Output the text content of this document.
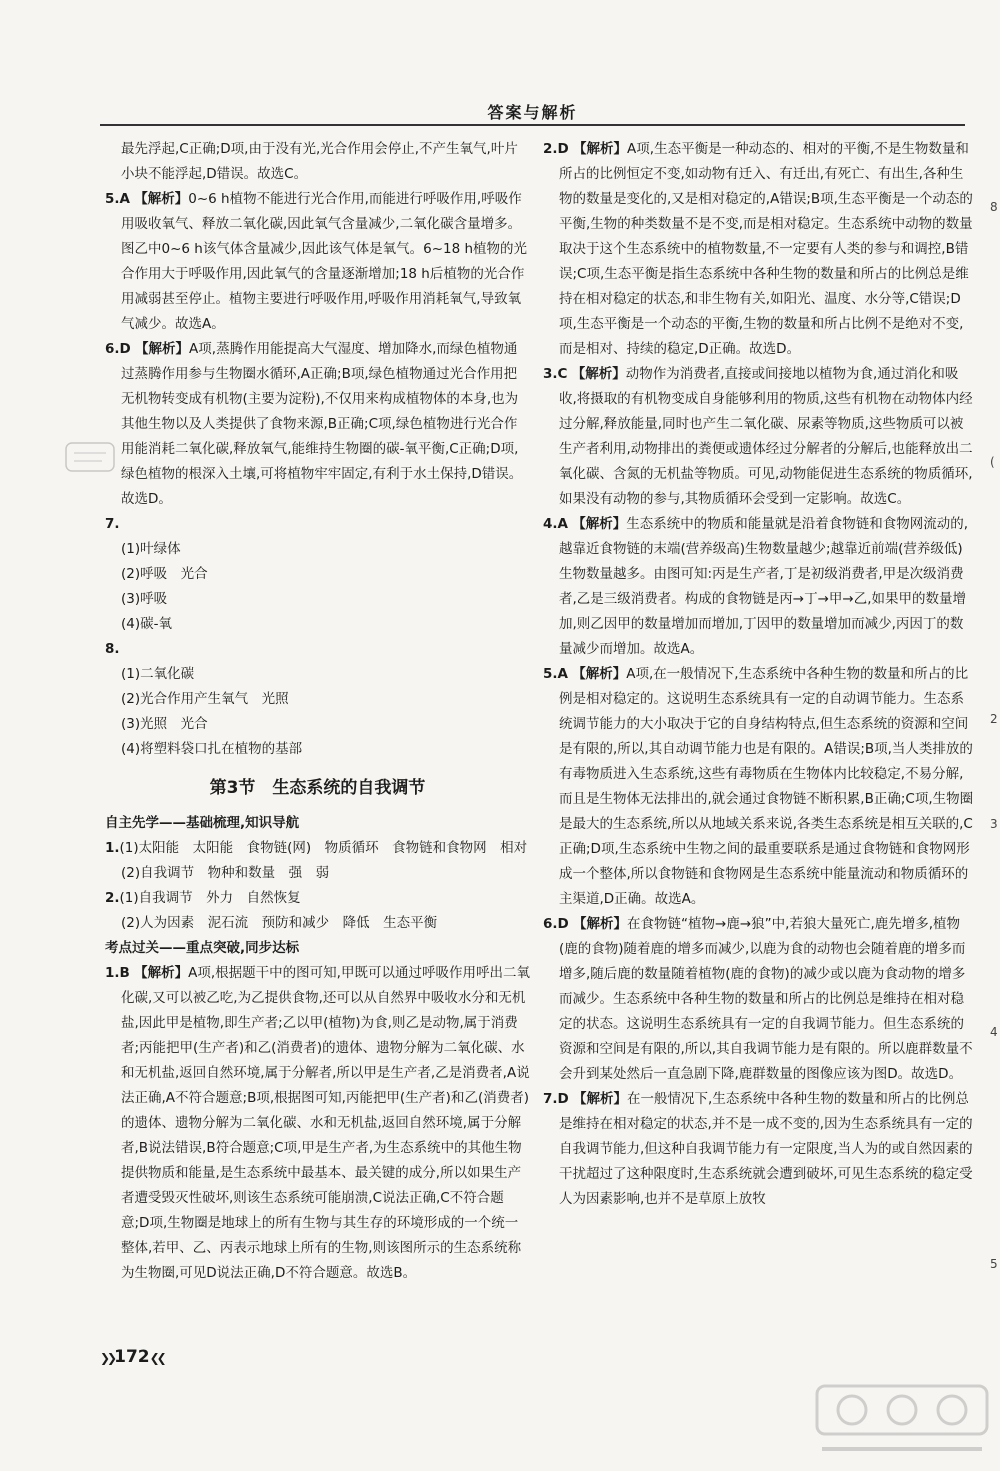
答案与解析

最先浮起,C正确;D项,由于没有光,光合作用会停止,不产生氧气,叶片小块不能浮起,D错误。故选C。

5.A 【解析】0~6 h植物不能进行光合作用,而能进行呼吸作用,呼吸作用吸收氧气、释放二氧化碳,因此氧气含量减少,二氧化碳含量增多。图乙中0~6 h该气体含量减少,因此该气体是氧气。6~18 h植物的光合作用大于呼吸作用,因此氧气的含量逐渐增加;18 h后植物的光合作用减弱甚至停止。植物主要进行呼吸作用,呼吸作用消耗氧气,导致氧气减少。故选A。

6.D 【解析】A项,蒸腾作用能提高大气湿度、增加降水,而绿色植物通过蒸腾作用参与生物圈水循环,A正确;B项,绿色植物通过光合作用把无机物转变成有机物(主要为淀粉),不仅用来构成植物体的本身,也为其他生物以及人类提供了食物来源,B正确;C项,绿色植物进行光合作用能消耗二氧化碳,释放氧气,能维持生物圈的碳-氧平衡,C正确;D项,绿色植物的根深入土壤,可将植物牢牢固定,有利于水土保持,D错误。故选D。

7.

(1)叶绿体

(2)呼吸　光合

(3)呼吸

(4)碳-氧

8.

(1)二氧化碳

(2)光合作用产生氧气　光照

(3)光照　光合

(4)将塑料袋口扎在植物的基部

第3节　生态系统的自我调节

自主先学——基础梳理,知识导航

1.(1)太阳能　太阳能　食物链(网)　物质循环　食物链和食物网　相对

(2)自我调节　物种和数量　强　弱

2.(1)自我调节　外力　自然恢复

(2)人为因素　泥石流　预防和减少　降低　生态平衡

考点过关——重点突破,同步达标

1.B 【解析】A项,根据题干中的图可知,甲既可以通过呼吸作用呼出二氧化碳,又可以被乙吃,为乙提供食物,还可以从自然界中吸收水分和无机盐,因此甲是植物,即生产者;乙以甲(植物)为食,则乙是动物,属于消费者;丙能把甲(生产者)和乙(消费者)的遗体、遗物分解为二氧化碳、水和无机盐,返回自然环境,属于分解者,所以甲是生产者,乙是消费者,A说法正确,A不符合题意;B项,根据图可知,丙能把甲(生产者)和乙(消费者)的遗体、遗物分解为二氧化碳、水和无机盐,返回自然环境,属于分解者,B说法错误,B符合题意;C项,甲是生产者,为生态系统中的其他生物提供物质和能量,是生态系统中最基本、最关键的成分,所以如果生产者遭受毁灭性破坏,则该生态系统可能崩溃,C说法正确,C不符合题意;D项,生物圈是地球上的所有生物与其生存的环境形成的一个统一整体,若甲、乙、丙表示地球上所有的生物,则该图所示的生态系统称为生物圈,可见D说法正确,D不符合题意。故选B。

2.D 【解析】A项,生态平衡是一种动态的、相对的平衡,不是生物数量和所占的比例恒定不变,如动物有迁入、有迁出,有死亡、有出生,各种生物的数量是变化的,又是相对稳定的,A错误;B项,生态平衡是一个动态的平衡,生物的种类数量不是不变,而是相对稳定。生态系统中动物的数量取决于这个生态系统中的植物数量,不一定要有人类的参与和调控,B错误;C项,生态平衡是指生态系统中各种生物的数量和所占的比例总是维持在相对稳定的状态,和非生物有关,如阳光、温度、水分等,C错误;D项,生态平衡是一个动态的平衡,生物的数量和所占比例不是绝对不变,而是相对、持续的稳定,D正确。故选D。

3.C 【解析】动物作为消费者,直接或间接地以植物为食,通过消化和吸收,将摄取的有机物变成自身能够利用的物质,这些有机物在动物体内经过分解,释放能量,同时也产生二氧化碳、尿素等物质,这些物质可以被生产者利用,动物排出的粪便或遗体经过分解者的分解后,也能释放出二氧化碳、含氮的无机盐等物质。可见,动物能促进生态系统的物质循环,如果没有动物的参与,其物质循环会受到一定影响。故选C。

4.A 【解析】生态系统中的物质和能量就是沿着食物链和食物网流动的,越靠近食物链的末端(营养级高)生物数量越少;越靠近前端(营养级低)生物数量越多。由图可知:丙是生产者,丁是初级消费者,甲是次级消费者,乙是三级消费者。构成的食物链是丙→丁→甲→乙,如果甲的数量增加,则乙因甲的数量增加而增加,丁因甲的数量增加而减少,丙因丁的数量减少而增加。故选A。

5.A 【解析】A项,在一般情况下,生态系统中各种生物的数量和所占的比例是相对稳定的。这说明生态系统具有一定的自动调节能力。生态系统调节能力的大小取决于它的自身结构特点,但生态系统的资源和空间是有限的,所以,其自动调节能力也是有限的。A错误;B项,当人类排放的有毒物质进入生态系统,这些有毒物质在生物体内比较稳定,不易分解,而且是生物体无法排出的,就会通过食物链不断积累,B正确;C项,生物圈是最大的生态系统,所以从地域关系来说,各类生态系统是相互关联的,C正确;D项,生态系统中生物之间的最重要联系是通过食物链和食物网形成一个整体,所以食物链和食物网是生态系统中能量流动和物质循环的主渠道,D正确。故选A。

6.D 【解析】在食物链“植物→鹿→狼”中,若狼大量死亡,鹿先增多,植物(鹿的食物)随着鹿的增多而减少,以鹿为食的动物也会随着鹿的增多而增多,随后鹿的数量随着植物(鹿的食物)的减少或以鹿为食动物的增多而减少。生态系统中各种生物的数量和所占的比例总是维持在相对稳定的状态。这说明生态系统具有一定的自我调节能力。但生态系统的资源和空间是有限的,所以,其自我调节能力是有限的。所以鹿群数量不会升到某处然后一直急剧下降,鹿群数量的图像应该为图D。故选D。

7.D 【解析】在一般情况下,生态系统中各种生物的数量和所占的比例总是维持在相对稳定的状态,并不是一成不变的,因为生态系统具有一定的自我调节能力,但这种自我调节能力有一定限度,当人为的或自然因素的干扰超过了这种限度时,生态系统就会遭到破坏,可见生态系统的稳定受人为因素影响,也并不是草原上放牧

8
(
2
3
4
5
❯❯172❮❮
